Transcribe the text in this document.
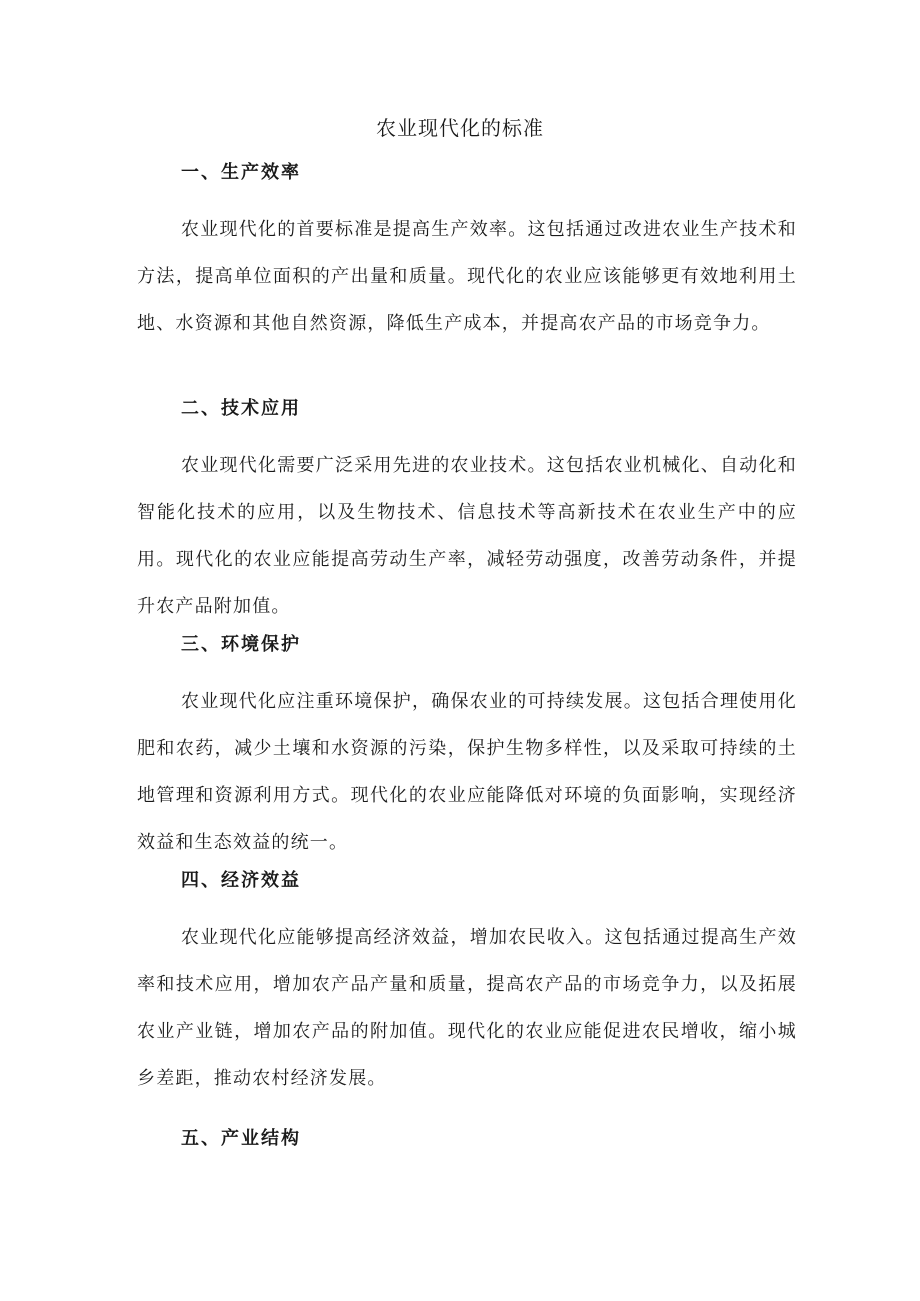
农业现代化的标准
一、生产效率

农业现代化的首要标准是提高生产效率。这包括通过改进农业生产技术和方法，提高单位面积的产出量和质量。现代化的农业应该能够更有效地利用土地、水资源和其他自然资源，降低生产成本，并提高农产品的市场竞争力。

二、技术应用

农业现代化需要广泛采用先进的农业技术。这包括农业机械化、自动化和智能化技术的应用，以及生物技术、信息技术等高新技术在农业生产中的应用。现代化的农业应能提高劳动生产率，减轻劳动强度，改善劳动条件，并提升农产品附加值。

三、环境保护

农业现代化应注重环境保护，确保农业的可持续发展。这包括合理使用化肥和农药，减少土壤和水资源的污染，保护生物多样性，以及采取可持续的土地管理和资源利用方式。现代化的农业应能降低对环境的负面影响，实现经济效益和生态效益的统一。

四、经济效益

农业现代化应能够提高经济效益，增加农民收入。这包括通过提高生产效率和技术应用，增加农产品产量和质量，提高农产品的市场竞争力，以及拓展农业产业链，增加农产品的附加值。现代化的农业应能促进农民增收，缩小城乡差距，推动农村经济发展。

五、产业结构
